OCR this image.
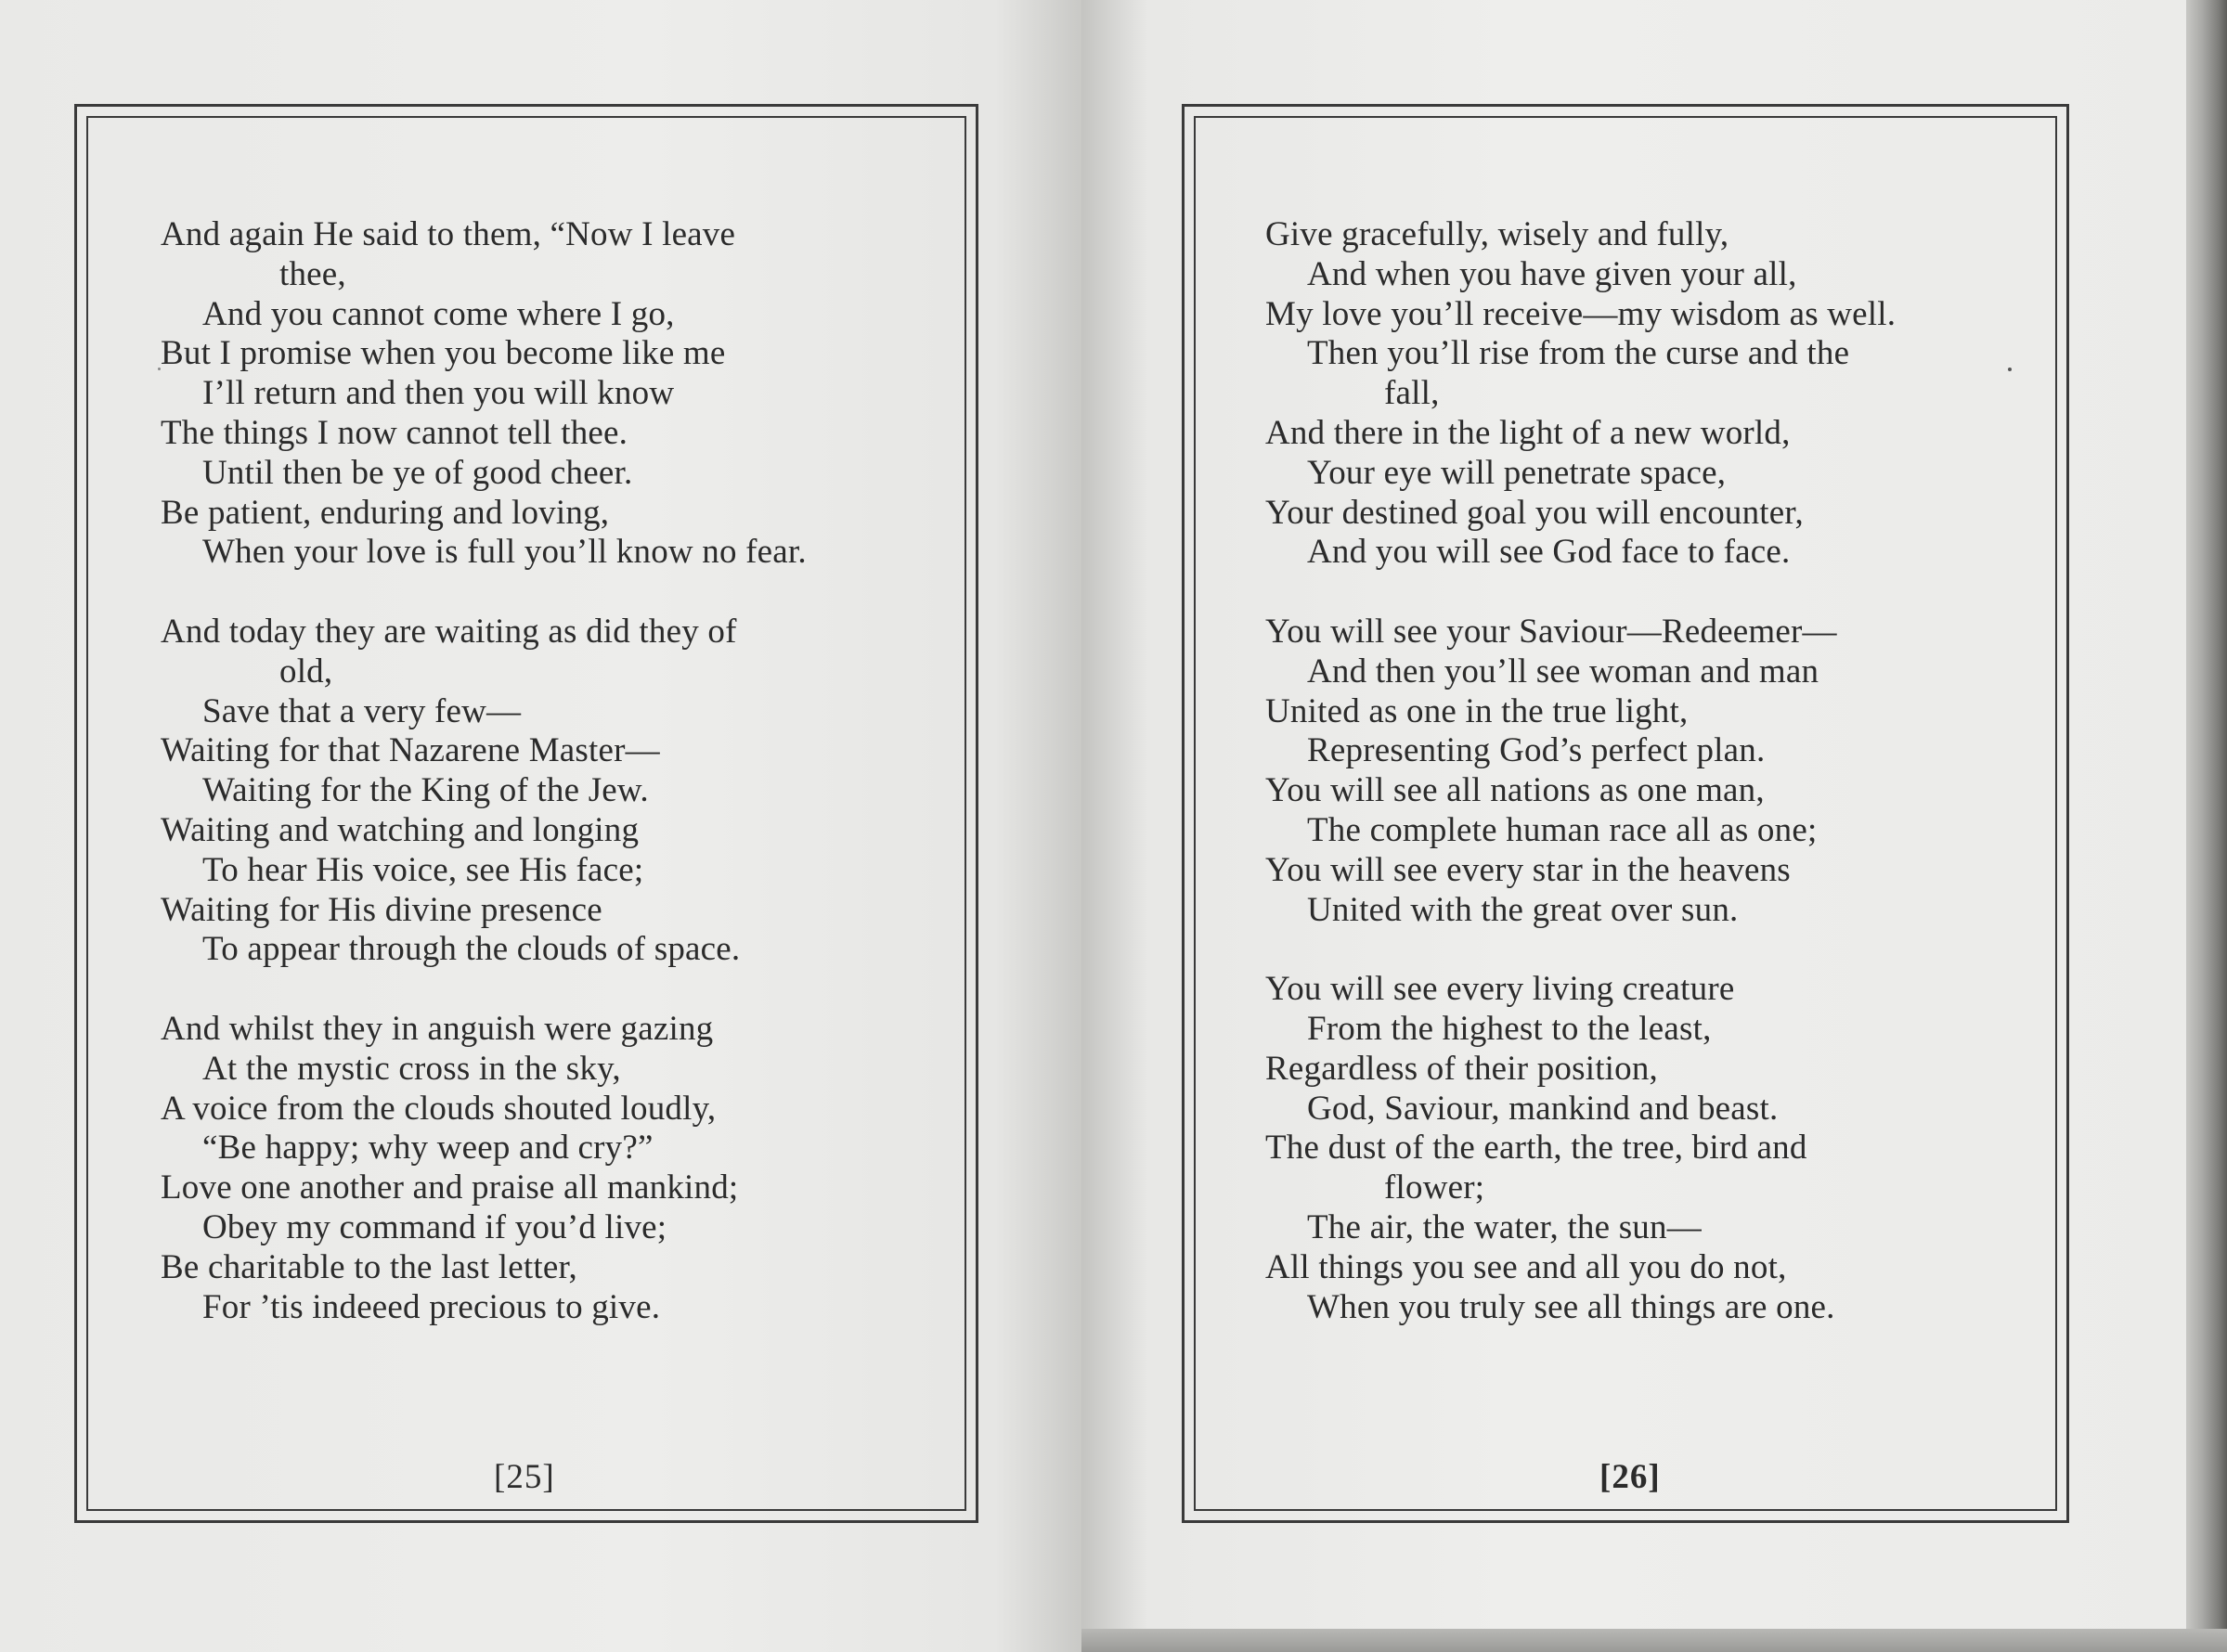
And again He said to them, “Now I leave
thee,
And you cannot come where I go,
But I promise when you become like me
I’ll return and then you will know
The things I now cannot tell thee.
Until then be ye of good cheer.
Be patient, enduring and loving,
When your love is full you’ll know no fear.
And today they are waiting as did they of
old,
Save that a very few—
Waiting for that Nazarene Master—
Waiting for the King of the Jew.
Waiting and watching and longing
To hear His voice, see His face;
Waiting for His divine presence
To appear through the clouds of space.
And whilst they in anguish were gazing
At the mystic cross in the sky,
A voice from the clouds shouted loudly,
“Be happy; why weep and cry?”
Love one another and praise all mankind;
Obey my command if you’d live;
Be charitable to the last letter,
For ’tis indeeed precious to give.
Give gracefully, wisely and fully,
And when you have given your all,
My love you’ll receive—my wisdom as well.
Then you’ll rise from the curse and the
fall,
And there in the light of a new world,
Your eye will penetrate space,
Your destined goal you will encounter,
And you will see God face to face.
You will see your Saviour—Redeemer—
And then you’ll see woman and man
United as one in the true light,
Representing God’s perfect plan.
You will see all nations as one man,
The complete human race all as one;
You will see every star in the heavens
United with the great over sun.
You will see every living creature
From the highest to the least,
Regardless of their position,
God, Saviour, mankind and beast.
The dust of the earth, the tree, bird and
flower;
The air, the water, the sun—
All things you see and all you do not,
When you truly see all things are one.
[25]	[26]
